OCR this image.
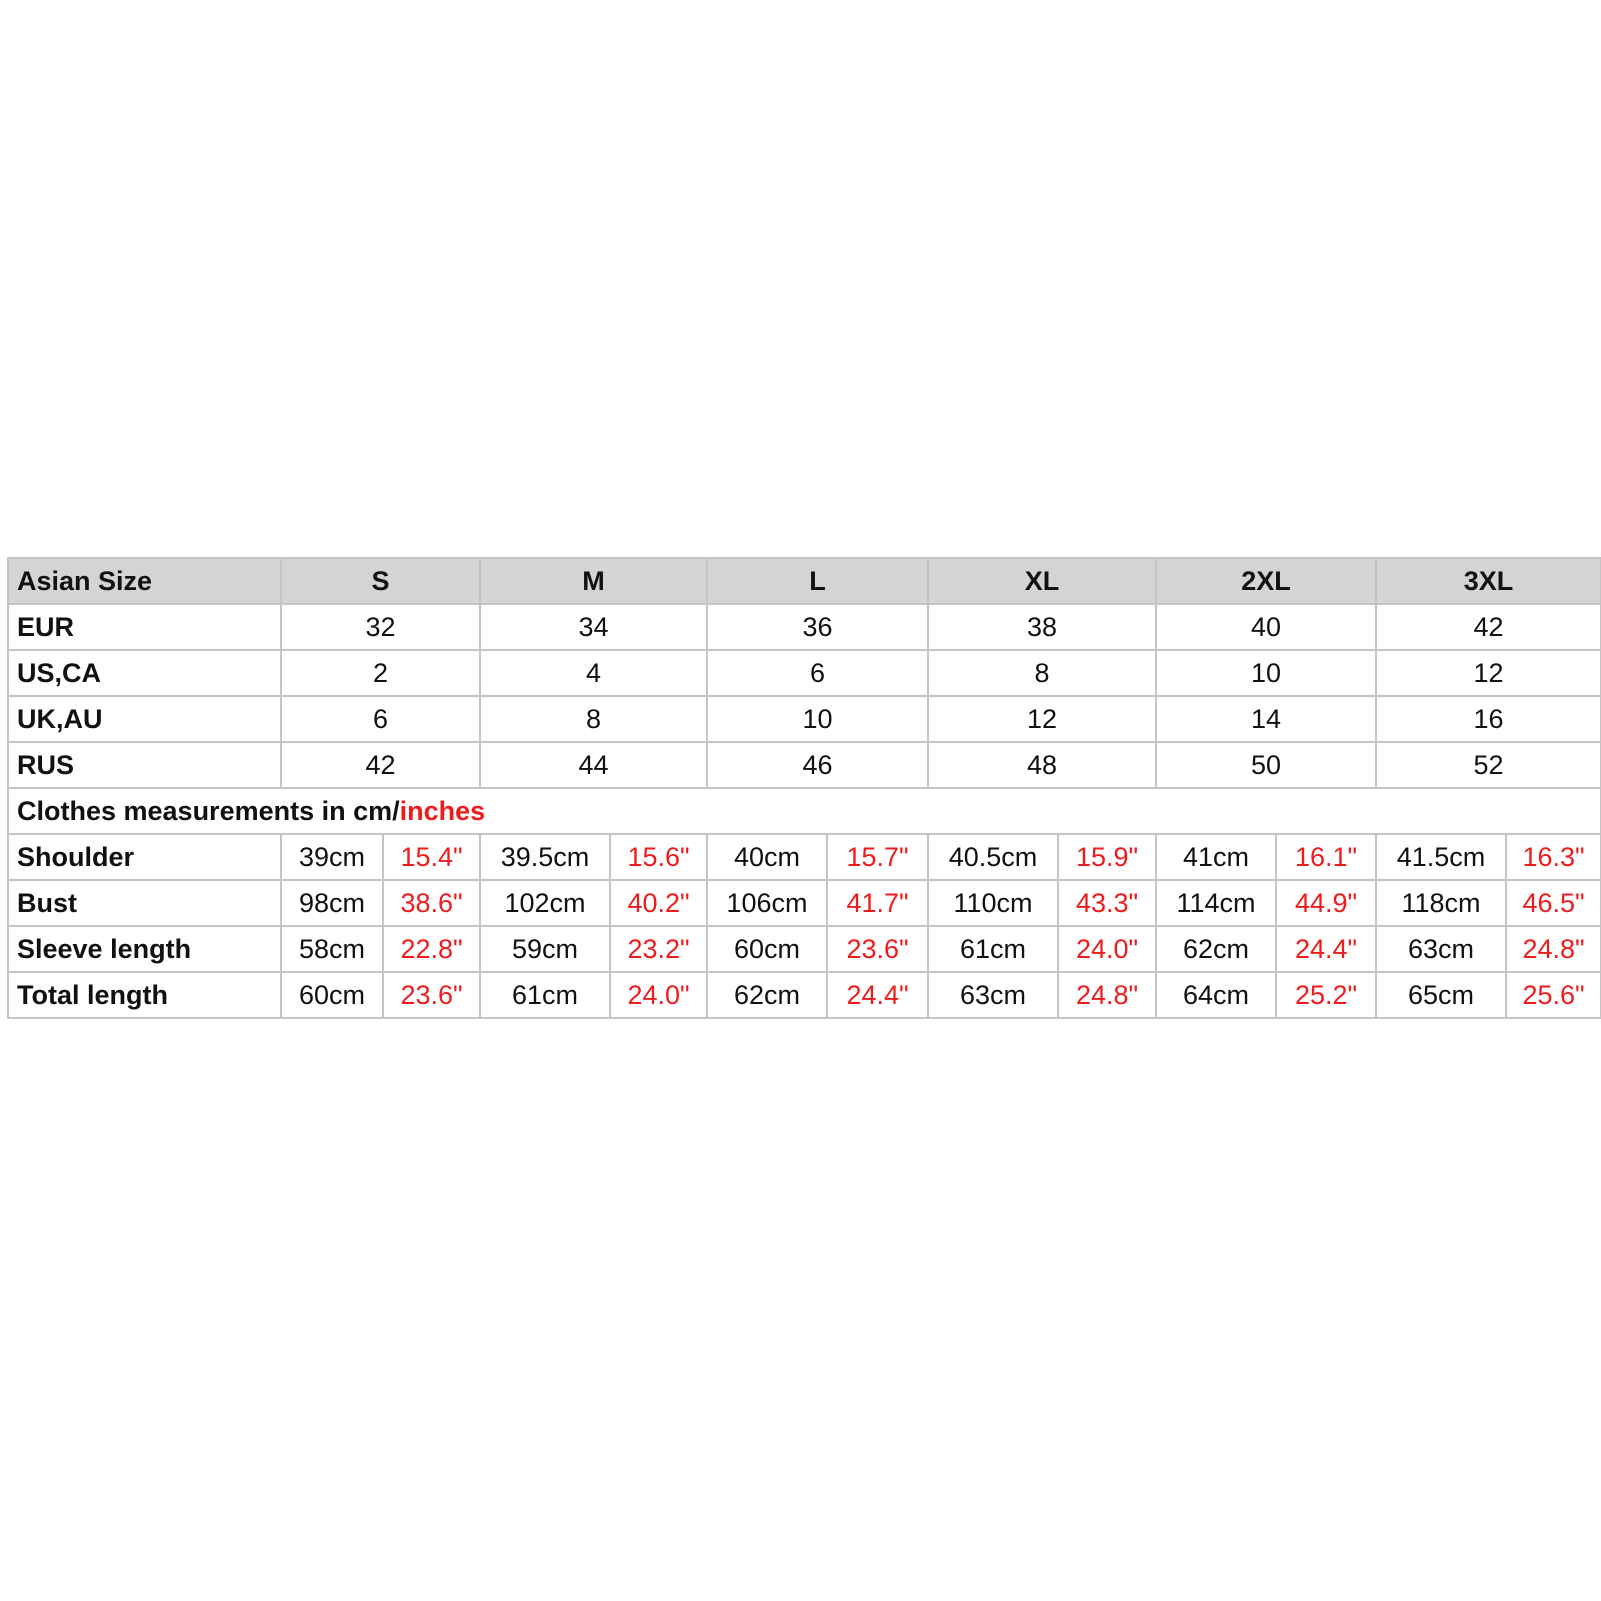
Asian Size	S		M		L		XL		2XL		3XL	
EUR	32		34		36		38		40		42	
US,CA	2		4		6		8		10		12	
UK,AU	6		8		10		12		14		16	
RUS	42		44		46		48		50		52	
Clothes measurements in cm/inches												
Shoulder	39cm	15.4"	39.5cm	15.6"	40cm	15.7"	40.5cm	15.9"	41cm	16.1"	41.5cm	16.3"
Bust	98cm	38.6"	102cm	40.2"	106cm	41.7"	110cm	43.3"	114cm	44.9"	118cm	46.5"
Sleeve length	58cm	22.8"	59cm	23.2"	60cm	23.6"	61cm	24.0"	62cm	24.4"	63cm	24.8"
Total length	60cm	23.6"	61cm	24.0"	62cm	24.4"	63cm	24.8"	64cm	25.2"	65cm	25.6"
